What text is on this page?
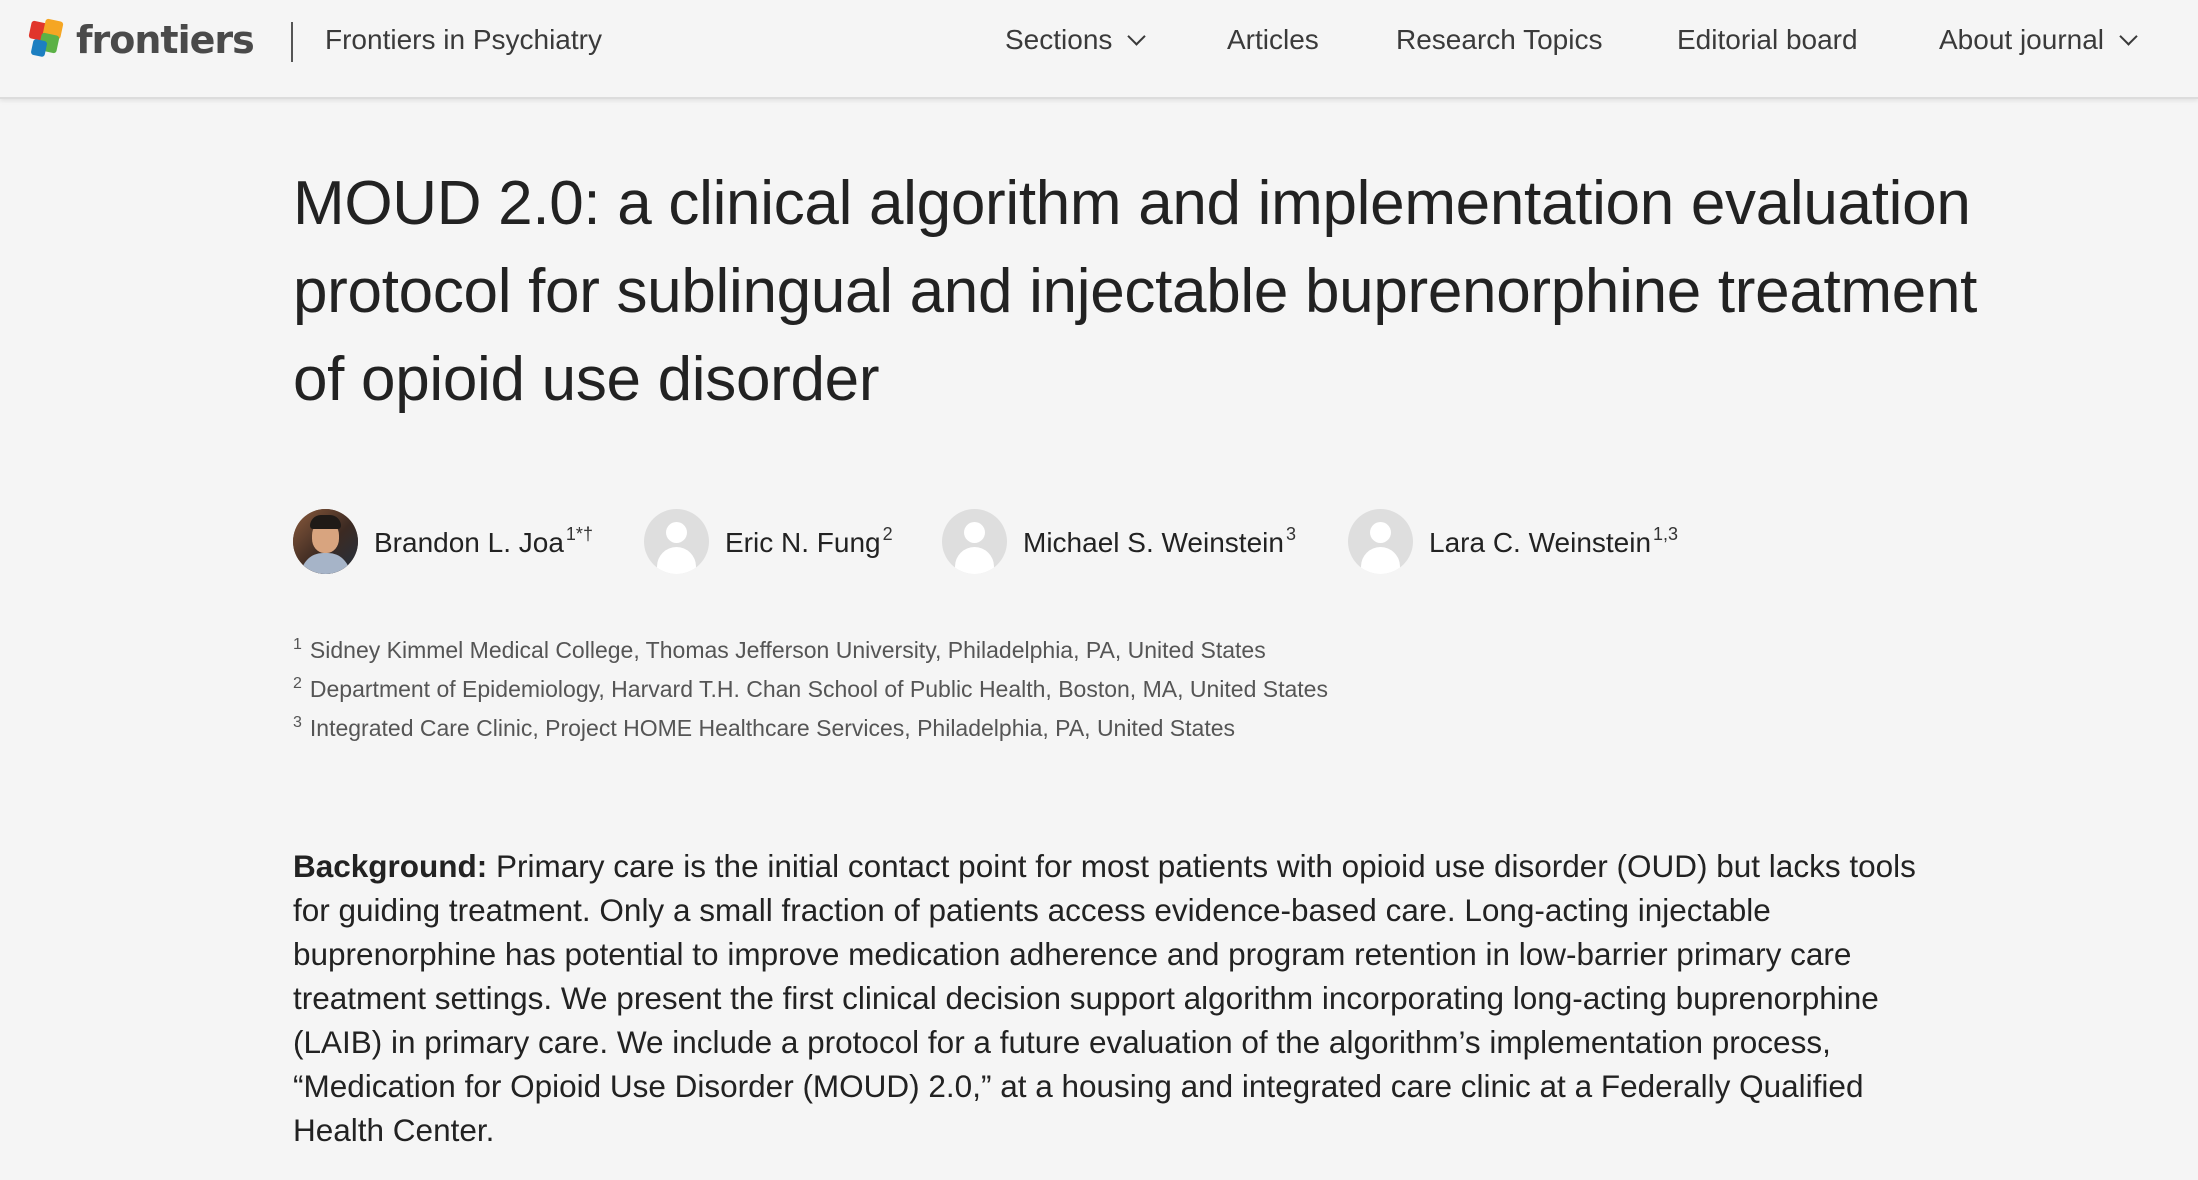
frontiers	Frontiers in Psychiatry	Sections	Articles	Research Topics	Editorial board	About journal
MOUD 2.0: a clinical algorithm and implementation evaluation protocol for sublingual and injectable buprenorphine treatment of opioid use disorder
Brandon L. Joa $^{1*\dagger}$	Eric N. Fung $^2$	Michael S. Weinstein $^3$	Lara C. Weinstein $^{1,3}$
$^1$ Sidney Kimmel Medical College, Thomas Jefferson University, Philadelphia, PA, United States
$^2$ Department of Epidemiology, Harvard T.H. Chan School of Public Health, Boston, MA, United States
$^3$ Integrated Care Clinic, Project HOME Healthcare Services, Philadelphia, PA, United States

Background: Primary care is the initial contact point for most patients with opioid use disorder (OUD) but lacks tools for guiding treatment. Only a small fraction of patients access evidence-based care. Long-acting injectable buprenorphine has potential to improve medication adherence and program retention in low-barrier primary care treatment settings. We present the first clinical decision support algorithm incorporating long-acting buprenorphine (LAIB) in primary care. We include a protocol for a future evaluation of the algorithm’s implementation process, “Medication for Opioid Use Disorder (MOUD) 2.0,” at a housing and integrated care clinic at a Federally Qualified Health Center.
